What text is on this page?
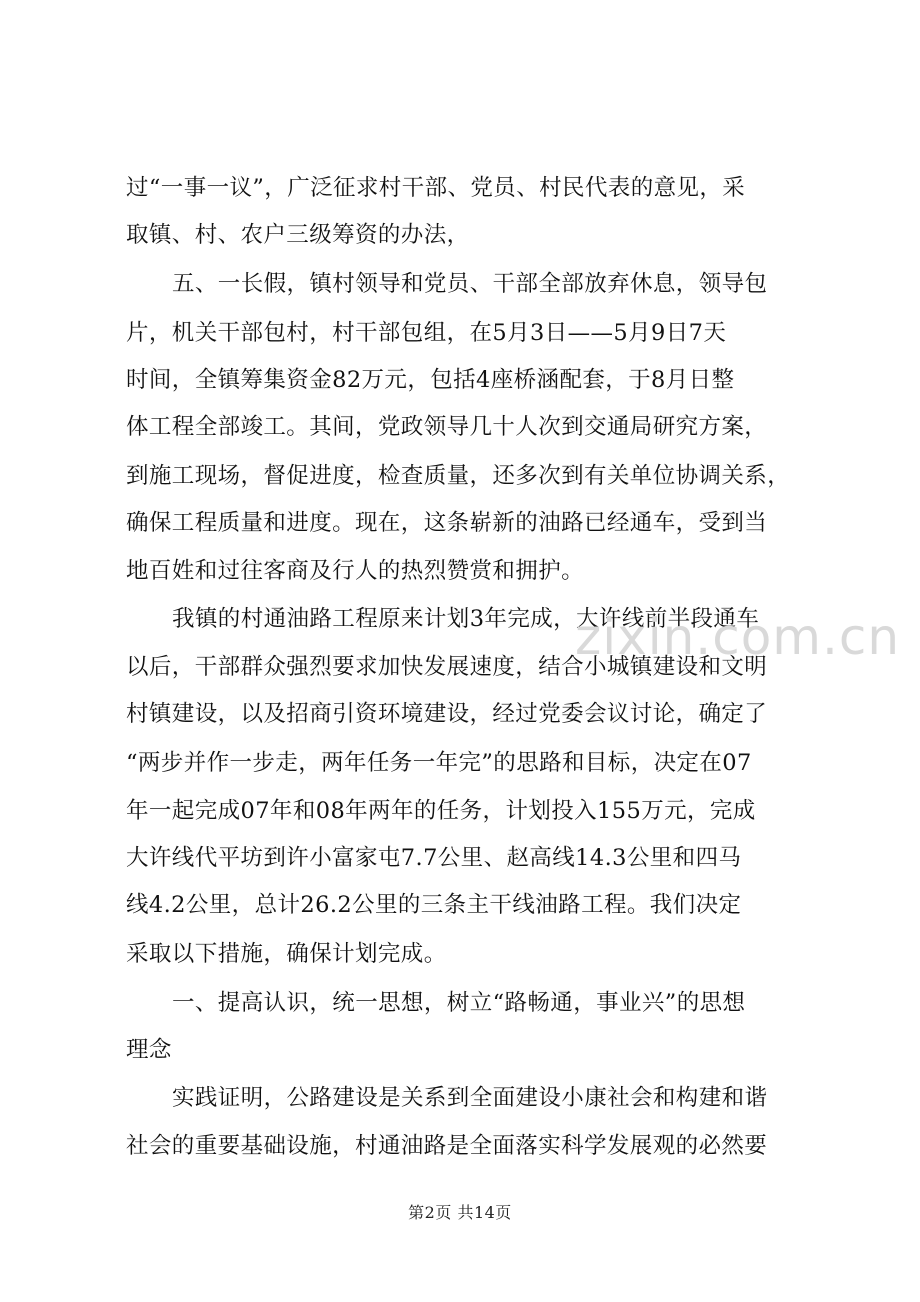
过“一事一议”，广泛征求村干部、党员、村民代表的意见，采
取镇、村、农户三级筹资的办法，
五、一长假，镇村领导和党员、干部全部放弃休息，领导包
片，机关干部包村，村干部包组，在5月3日——5月9日7天
时间，全镇筹集资金82万元，包括4座桥涵配套，于8月日整
体工程全部竣工。其间，党政领导几十人次到交通局研究方案，
到施工现场，督促进度，检查质量，还多次到有关单位协调关系，
确保工程质量和进度。现在，这条崭新的油路已经通车，受到当
地百姓和过往客商及行人的热烈赞赏和拥护。
我镇的村通油路工程原来计划3年完成，大许线前半段通车
以后，干部群众强烈要求加快发展速度，结合小城镇建设和文明
村镇建设，以及招商引资环境建设，经过党委会议讨论，确定了
“两步并作一步走，两年任务一年完”的思路和目标，决定在07
年一起完成07年和08年两年的任务，计划投入155万元，完成
大许线代平坊到许小富家屯7.7公里、赵高线14.3公里和四马
线4.2公里，总计26.2公里的三条主干线油路工程。我们决定
采取以下措施，确保计划完成。
一、提高认识，统一思想，树立“路畅通，事业兴”的思想
理念
实践证明，公路建设是关系到全面建设小康社会和构建和谐
社会的重要基础设施，村通油路是全面落实科学发展观的必然要
zixin.com.cn
第2页 共14页
